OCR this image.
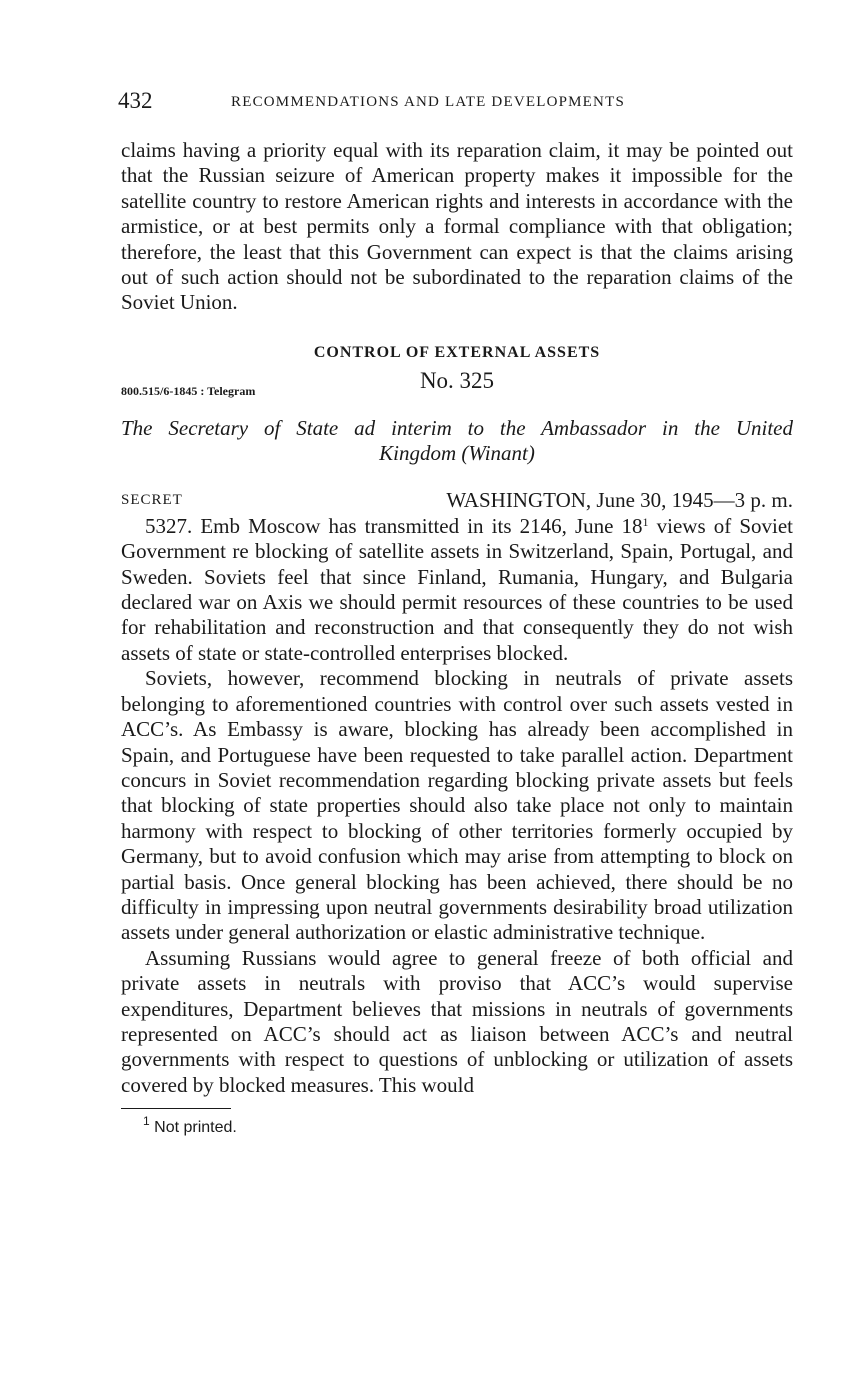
432	RECOMMENDATIONS AND LATE DEVELOPMENTS

claims having a priority equal with its reparation claim, it may be pointed out that the Russian seizure of American property makes it impossible for the satellite country to restore American rights and interests in accordance with the armistice, or at best permits only a formal compliance with that obligation; therefore, the least that this Government can expect is that the claims arising out of such action should not be subordinated to the reparation claims of the Soviet Union.

CONTROL OF EXTERNAL ASSETS
No. 325
800.515/6-1845 : Telegram
The Secretary of State ad interim to the Ambassador in the United
Kingdom (Winant)
SECRET	WASHINGTON, June 30, 1945—3 p. m.

5327. Emb Moscow has transmitted in its 2146, June $18^1$ views of Soviet Government re blocking of satellite assets in Switzerland, Spain, Portugal, and Sweden. Soviets feel that since Finland, Rumania, Hungary, and Bulgaria declared war on Axis we should permit resources of these countries to be used for rehabilitation and reconstruction and that consequently they do not wish assets of state or state-controlled enterprises blocked.

Soviets, however, recommend blocking in neutrals of private assets belonging to aforementioned countries with control over such assets vested in ACC’s. As Embassy is aware, blocking has already been accomplished in Spain, and Portuguese have been requested to take parallel action. Department concurs in Soviet recommendation regarding blocking private assets but feels that blocking of state properties should also take place not only to maintain harmony with respect to blocking of other territories formerly occupied by Germany, but to avoid confusion which may arise from attempting to block on partial basis. Once general blocking has been achieved, there should be no difficulty in impressing upon neutral governments desirability broad utilization assets under general authorization or elastic administrative technique.

Assuming Russians would agree to general freeze of both official and private assets in neutrals with proviso that ACC’s would supervise expenditures, Department believes that missions in neutrals of governments represented on ACC’s should act as liaison between ACC’s and neutral governments with respect to questions of unblocking or utilization of assets covered by blocked measures. This would

$^1$ Not printed.
